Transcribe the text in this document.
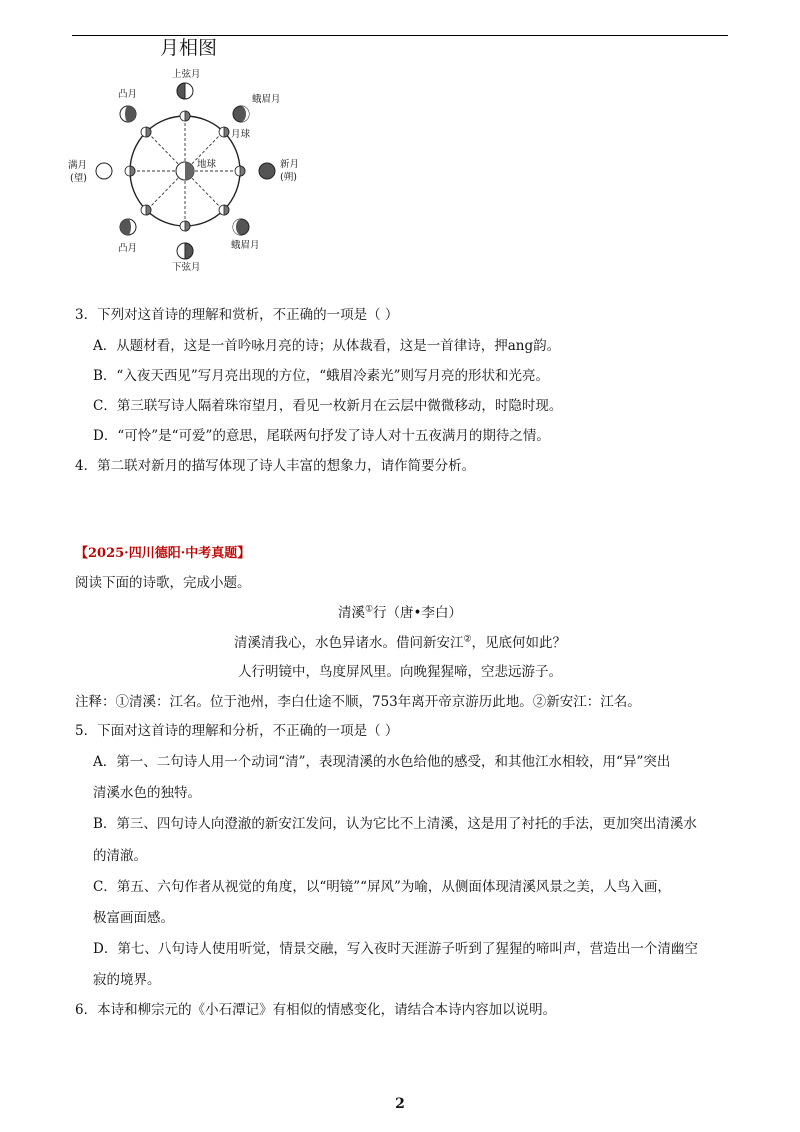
月相图
地球
月球
上弦月
蛾眉月
新月
(朔)
蛾眉月
下弦月
凸月
满月
(望)
凸月
3．下列对这首诗的理解和赏析，不正确的一项是（ ）
A．从题材看，这是一首吟咏月亮的诗；从体裁看，这是一首律诗，押ang韵。
B．“入夜天西见”写月亮出现的方位，“蛾眉冷素光”则写月亮的形状和光亮。
C．第三联写诗人隔着珠帘望月，看见一枚新月在云层中微微移动，时隐时现。
D．“可怜”是“可爱”的意思，尾联两句抒发了诗人对十五夜满月的期待之情。
4．第二联对新月的描写体现了诗人丰富的想象力，请作简要分析。
【2025·四川德阳·中考真题】
阅读下面的诗歌，完成小题。
清溪①行（唐•李白）
清溪清我心，水色异诸水。借问新安江②，见底何如此？
人行明镜中，鸟度屏风里。向晚猩猩啼，空悲远游子。
注释：①清溪：江名。位于池州，李白仕途不顺，753年离开帝京游历此地。②新安江：江名。
5．下面对这首诗的理解和分析，不正确的一项是（ ）
A．第一、二句诗人用一个动词“清”，表现清溪的水色给他的感受，和其他江水相较，用“异”突出
清溪水色的独特。
B．第三、四句诗人向澄澈的新安江发问，认为它比不上清溪，这是用了衬托的手法，更加突出清溪水
的清澈。
C．第五、六句作者从视觉的角度，以“明镜”“屏风”为喻，从侧面体现清溪风景之美，人鸟入画，
极富画面感。
D．第七、八句诗人使用听觉，情景交融，写入夜时天涯游子听到了猩猩的啼叫声，营造出一个清幽空
寂的境界。
6．本诗和柳宗元的《小石潭记》有相似的情感变化，请结合本诗内容加以说明。
2
